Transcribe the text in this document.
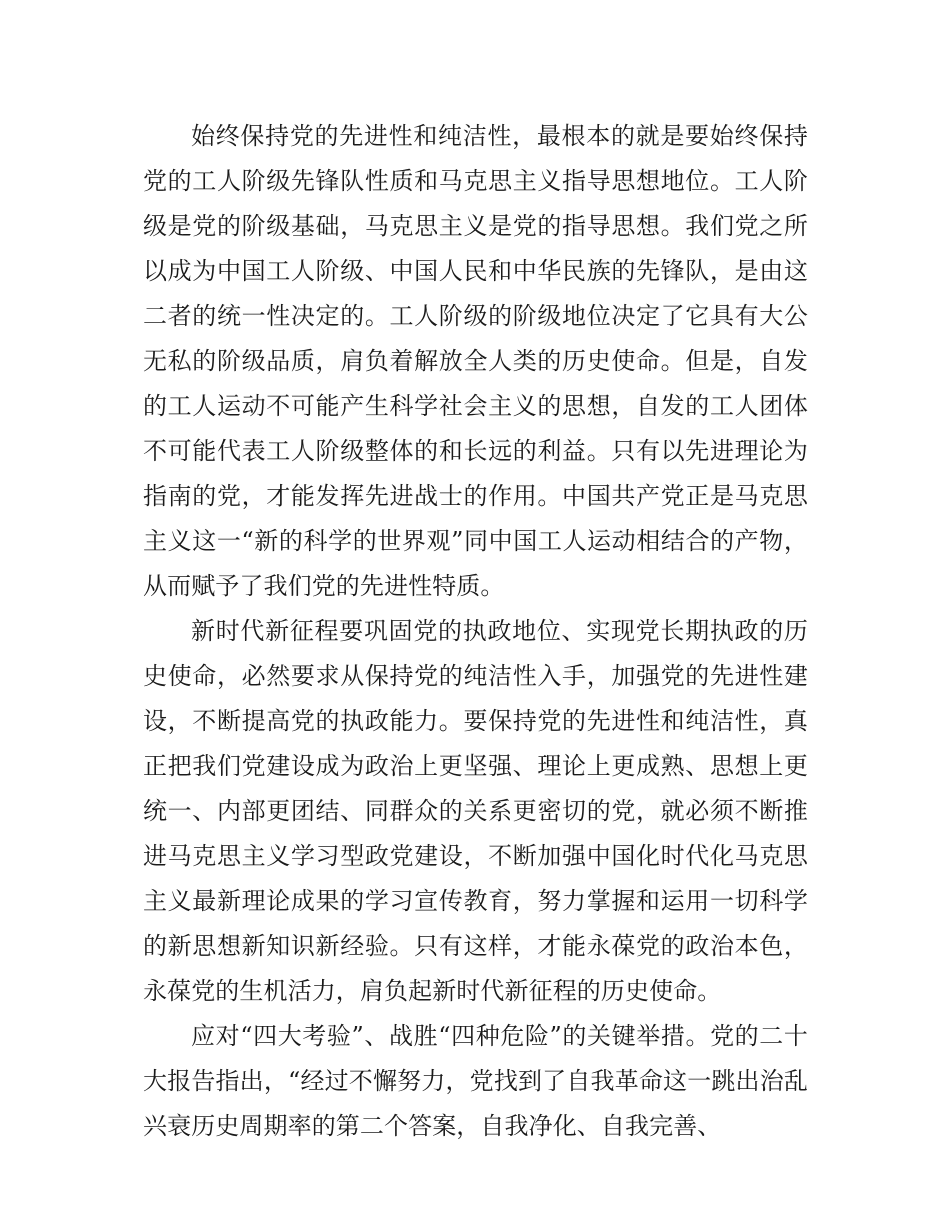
始终保持党的先进性和纯洁性，最根本的就是要始终保持党的工人阶级先锋队性质和马克思主义指导思想地位。工人阶级是党的阶级基础，马克思主义是党的指导思想。我们党之所以成为中国工人阶级、中国人民和中华民族的先锋队，是由这二者的统一性决定的。工人阶级的阶级地位决定了它具有大公无私的阶级品质，肩负着解放全人类的历史使命。但是，自发的工人运动不可能产生科学社会主义的思想，自发的工人团体不可能代表工人阶级整体的和长远的利益。只有以先进理论为指南的党，才能发挥先进战士的作用。中国共产党正是马克思主义这一“新的科学的世界观”同中国工人运动相结合的产物，从而赋予了我们党的先进性特质。

新时代新征程要巩固党的执政地位、实现党长期执政的历史使命，必然要求从保持党的纯洁性入手，加强党的先进性建设，不断提高党的执政能力。要保持党的先进性和纯洁性，真正把我们党建设成为政治上更坚强、理论上更成熟、思想上更统一、内部更团结、同群众的关系更密切的党，就必须不断推进马克思主义学习型政党建设，不断加强中国化时代化马克思主义最新理论成果的学习宣传教育，努力掌握和运用一切科学的新思想新知识新经验。只有这样，才能永葆党的政治本色，永葆党的生机活力，肩负起新时代新征程的历史使命。

应对“四大考验”、战胜“四种危险”的关键举措。党的二十大报告指出，“经过不懈努力，党找到了自我革命这一跳出治乱兴衰历史周期率的第二个答案，自我净化、自我完善、
